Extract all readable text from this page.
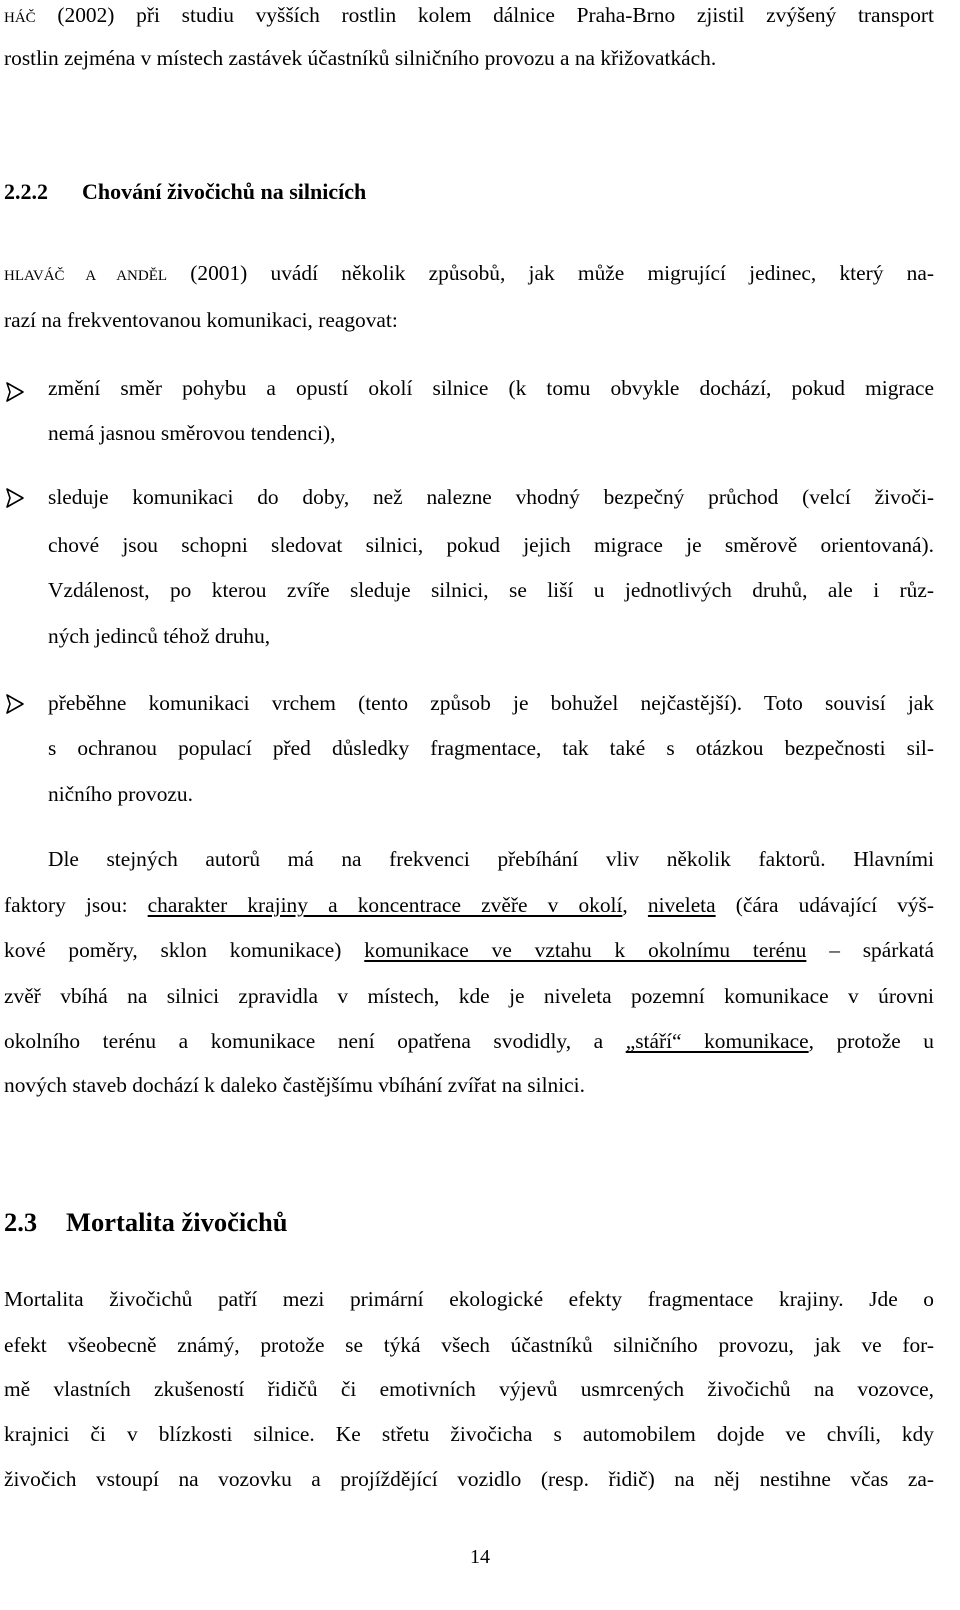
HÁČ (2002) při studiu vyšších rostlin kolem dálnice Praha-Brno zjistil zvýšený transport
rostlin zejména v místech zastávek účastníků silničního provozu a na křižovatkách.
2.2.2 Chování živočichů na silnicích
HLAVÁČ A ANDĚL (2001) uvádí několik způsobů, jak může migrující jedinec, který na-
razí na frekventovanou komunikaci, reagovat:
změní směr pohybu a opustí okolí silnice (k tomu obvykle dochází, pokud migrace
nemá jasnou směrovou tendenci),
sleduje komunikaci do doby, než nalezne vhodný bezpečný průchod (velcí živoči-
chové jsou schopni sledovat silnici, pokud jejich migrace je směrově orientovaná).
Vzdálenost, po kterou zvíře sleduje silnici, se liší u jednotlivých druhů, ale i růz-
ných jedinců téhož druhu,
přeběhne komunikaci vrchem (tento způsob je bohužel nejčastější). Toto souvisí jak
s ochranou populací před důsledky fragmentace, tak také s otázkou bezpečnosti sil-
ničního provozu.
Dle stejných autorů má na frekvenci přebíhání vliv několik faktorů. Hlavními
faktory jsou: charakter krajiny a koncentrace zvěře v okolí, niveleta (čára udávající výš-
kové poměry, sklon komunikace) komunikace ve vztahu k okolnímu terénu – spárkatá
zvěř vbíhá na silnici zpravidla v místech, kde je niveleta pozemní komunikace v úrovni
okolního terénu a komunikace není opatřena svodidly, a „stáří“ komunikace, protože u
nových staveb dochází k daleko častějšímu vbíhání zvířat na silnici.
2.3 Mortalita živočichů
Mortalita živočichů patří mezi primární ekologické efekty fragmentace krajiny. Jde o
efekt všeobecně známý, protože se týká všech účastníků silničního provozu, jak ve for-
mě vlastních zkušeností řidičů či emotivních výjevů usmrcených živočichů na vozovce,
krajnici či v blízkosti silnice. Ke střetu živočicha s automobilem dojde ve chvíli, kdy
živočich vstoupí na vozovku a projíždějící vozidlo (resp. řidič) na něj nestihne včas za-
14
